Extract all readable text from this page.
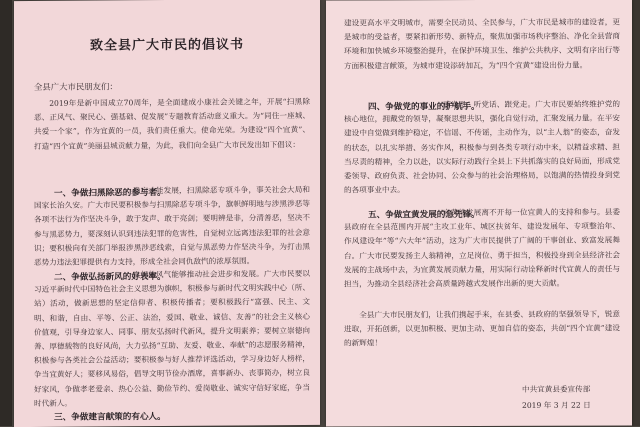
致全县广大市民的倡议书
全县广大市民朋友们：

2019年是新中国成立70周年，是全面建成小康社会关键之年，开展“扫黑除恶、正风气、聚民心、强基础、促发展”专题教育活动意义重大。为“同住一座城、共爱一个家”，作为宜黄的一员，我们责任重大。使命光荣。为建设“四个宜黄”、打造“四个宜黄”美丽县城贡献力量，为此，我们向全县广大市民发出如下倡议：

一、争做扫黑除恶的参与者。

稳定才能发展，扫黑除恶专项斗争，事关社会大局和国家长治久安。广大市民要积极参与扫黑除恶专项斗争，旗帜鲜明地与涉黑涉恶等各项不法行为作坚决斗争，敢于发声、敢于亮剑；要明辨是非，分清善恶，坚决不参与黑恶势力，要深刻认识到违法犯罪的危害性，自觉树立远离违法犯罪的社会意识；要积极向有关部门举报涉黑涉恶线索，自觉与黑恶势力作坚决斗争，为打击黑恶势力违法犯罪提供有力支持，形成全社会同仇敌忾的浓厚氛围。

二、争做弘扬新风的好表率。

良好的风气能够推动社会进步和发展。广大市民要以习近平新时代中国特色社会主义思想为旗帜，积极参与新时代文明实践中心（所、站）活动，做新思想的坚定信仰者、积极传播者；要积极践行“富强、民主、文明、和谐，自由、平等、公正、法治，爱国、敬业、诚信、友善”的社会主义核心价值观，引导身边家人、同事、朋友弘扬时代新风，提升文明素养；要树立崇德向善、厚德载物的良好风尚，大力弘扬“互助、友爱、敬业、奉献”的志愿服务精神，积极参与各类社会公益活动；要积极参与好人推荐评选活动，学习身边好人榜样，争当宜黄好人；要移风易俗，倡导文明节俭办酒席，喜事新办、丧事简办，树立良好家风，争做孝老爱亲、热心公益、勤俭节约、爱岗敬业、诚实守信好家庭，争当时代新人。

三、争做建言献策的有心人。

建设更高水平文明城市，需要全民动员、全民参与，广大市民是城市的建设者，更是城市的受益者，要紧扣新形势、新特点，聚焦加强市场秩序整治、净化全县营商环境和加快城乡环境整治提升，在保护环境卫生、维护公共秩序、文明有序出行等方面积极建言献策，为城市建设添砖加瓦，为“四个宜黄”建设出份力量。

四、争做党的事业的护航手。

感党恩、听党话、跟党走。广大市民要始终维护党的核心地位，拥戴党的领导，凝聚思想共识，强化自觉行动，汇聚发展力量。在平安建设中自觉做到维护稳定，不信谣、不传谣，主动作为，以“主人翁”的姿态，奋发的状态，以扎实举措、务实作风，积极参与到各类专项行动中来，以精益求精、担当尽责的精神，全力以赴，以实际行动践行全县上下共抓落实的良好局面，形成党委领导、政府负责、社会协同、公众参与的社会治理格局，以饱满的热情投身到党的各项事业中去。

五、争做宜黄发展的急先锋。

宜黄的发展离不开每一位宜黄人的支持和参与。县委县政府在全县范围内开展“主攻工业年、城区扶贫年、建设发展年、专项整治年、作风建设年”等“六大年”活动，这为广大市民提供了广阔的干事创业、致富发展舞台。广大市民要发扬主人翁精神，立足岗位、勇于担当，积极投身到全县经济社会发展的主战场中去，为宜黄发展贡献力量，用实际行动诠释新时代宜黄人的责任与担当，为推动全县经济社会高质量跨越式发展作出新的更大贡献。

全县广大市民朋友们，让我们携起手来，在县委、县政府的坚强领导下，锐意进取，开拓创新，以更加积极、更加主动、更加自信的姿态，共创“四个宜黄”建设的新辉煌！

中共宜黄县委宣传部
2019 年 3 月 22 日
